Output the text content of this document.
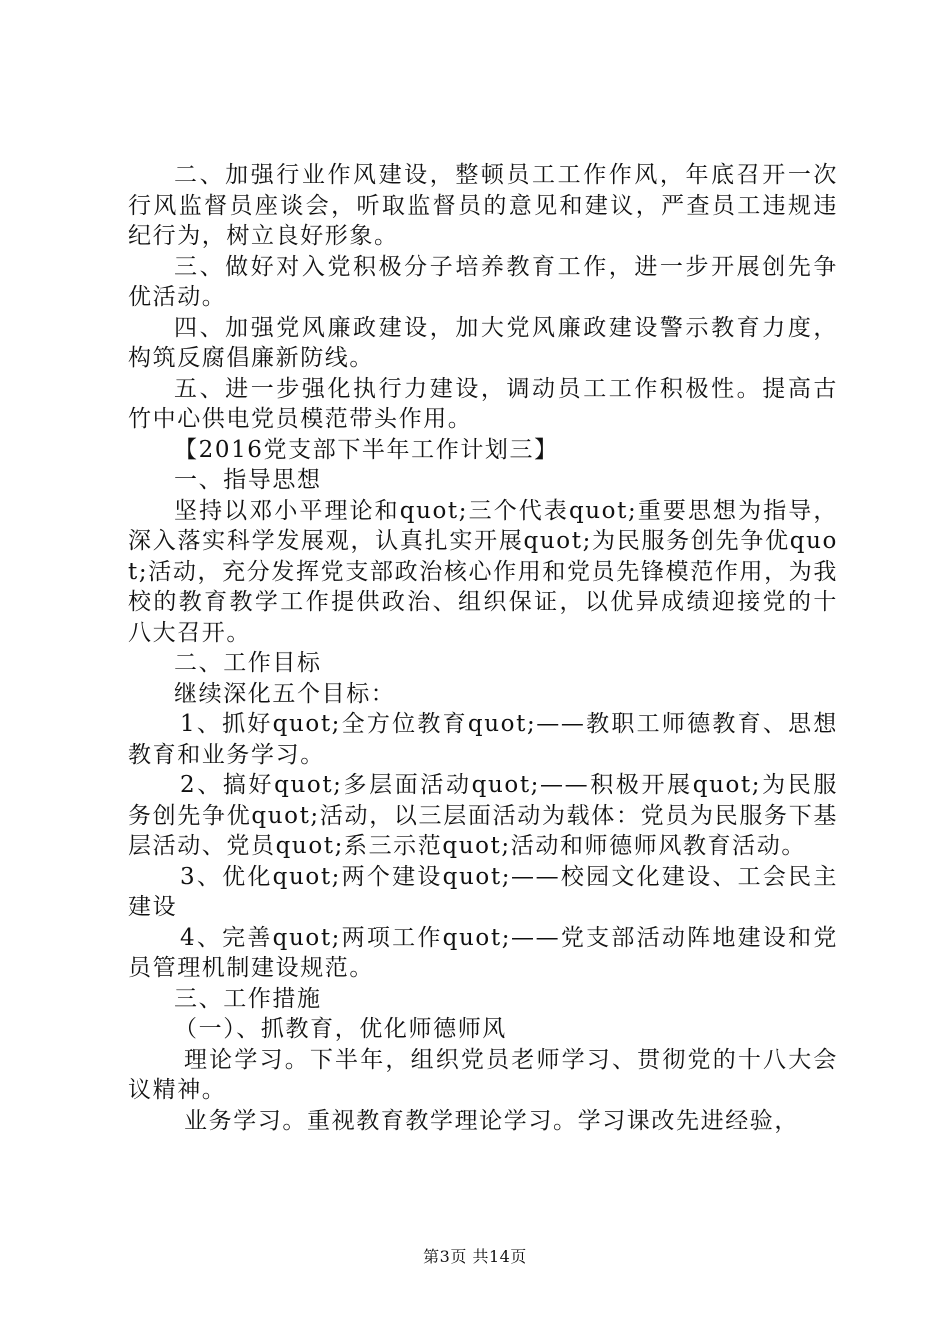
二、加强行业作风建设，整顿员工工作作风，年底召开一次行风监督员座谈会，听取监督员的意见和建议，严查员工违规违纪行为，树立良好形象。

三、做好对入党积极分子培养教育工作，进一步开展创先争优活动。

四、加强党风廉政建设，加大党风廉政建设警示教育力度，构筑反腐倡廉新防线。

五、进一步强化执行力建设，调动员工工作积极性。提高古竹中心供电党员模范带头作用。

【2016党支部下半年工作计划三】

一、指导思想

坚持以邓小平理论和quot;三个代表quot;重要思想为指导，深入落实科学发展观，认真扎实开展quot;为民服务创先争优quot;活动，充分发挥党支部政治核心作用和党员先锋模范作用，为我校的教育教学工作提供政治、组织保证，以优异成绩迎接党的十八大召开。

二、工作目标

继续深化五个目标：

1、抓好quot;全方位教育quot;——教职工师德教育、思想教育和业务学习。

2、搞好quot;多层面活动quot;——积极开展quot;为民服务创先争优quot;活动，以三层面活动为载体：党员为民服务下基层活动、党员quot;系三示范quot;活动和师德师风教育活动。

3、优化quot;两个建设quot;——校园文化建设、工会民主建设

4、完善quot;两项工作quot;——党支部活动阵地建设和党员管理机制建设规范。

三、工作措施

（一）、抓教育，优化师德师风

理论学习。下半年，组织党员老师学习、贯彻党的十八大会议精神。

业务学习。重视教育教学理论学习。学习课改先进经验，

第3页 共14页
